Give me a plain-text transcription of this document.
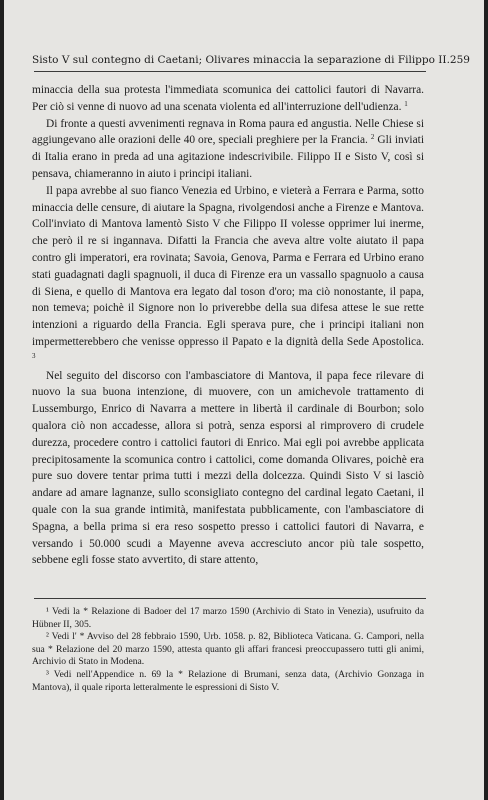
Sisto V sul contegno di Caetani; Olivares minaccia la separazione di Filippo II. 259

minaccia della sua protesta l'immediata scomunica dei cattolici fautori di Navarra. Per ciò si venne di nuovo ad una scenata violenta ed all'interruzione dell'udienza. $^1$

Di fronte a questi avvenimenti regnava in Roma paura ed angustia. Nelle Chiese si aggiungevano alle orazioni delle 40 ore, speciali preghiere per la Francia. $^2$ Gli inviati di Italia erano in preda ad una agitazione indescrivibile. Filippo II e Sisto V, così si pensava, chiameranno in aiuto i principi italiani.

Il papa avrebbe al suo fianco Venezia ed Urbino, e vieterà a Ferrara e Parma, sotto minaccia delle censure, di aiutare la Spagna, rivolgendosi anche a Firenze e Mantova. Coll'inviato di Mantova lamentò Sisto V che Filippo II volesse opprimer lui inerme, che però il re si ingannava. Difatti la Francia che aveva altre volte aiutato il papa contro gli imperatori, era rovinata; Savoia, Genova, Parma e Ferrara ed Urbino erano stati guadagnati dagli spagnuoli, il duca di Firenze era un vassallo spagnuolo a causa di Siena, e quello di Mantova era legato dal toson d'oro; ma ciò nonostante, il papa, non temeva; poichè il Signore non lo priverebbe della sua difesa attese le sue rette intenzioni a riguardo della Francia. Egli sperava pure, che i principi italiani non impermetterebbero che venisse oppresso il Papato e la dignità della Sede Apostolica. $^3$

Nel seguito del discorso con l'ambasciatore di Mantova, il papa fece rilevare di nuovo la sua buona intenzione, di muovere, con un amichevole trattamento di Lussemburgo, Enrico di Navarra a mettere in libertà il cardinale di Bourbon; solo qualora ciò non accadesse, allora si potrà, senza esporsi al rimprovero di crudele durezza, procedere contro i cattolici fautori di Enrico. Mai egli poi avrebbe applicata precipitosamente la scomunica contro i cattolici, come domanda Olivares, poichè era pure suo dovere tentar prima tutti i mezzi della dolcezza. Quindi Sisto V si lasciò andare ad amare lagnanze, sullo sconsigliato contegno del cardinal legato Caetani, il quale con la sua grande intimità, manifestata pubblicamente, con l'ambasciatore di Spagna, a bella prima si era reso sospetto presso i cattolici fautori di Navarra, e versando i 50.000 scudi a Mayenne aveva accresciuto ancor più tale sospetto, sebbene egli fosse stato avvertito, di stare attento,

¹ Vedi la * Relazione di Badoer del 17 marzo 1590 (Archivio di Stato in Venezia), usufruito da Hübner II, 305.

² Vedi l' * Avviso del 28 febbraio 1590, Urb. 1058. p. 82, Biblioteca Vaticana. G. Campori, nella sua * Relazione del 20 marzo 1590, attesta quanto gli affari francesi preoccupassero tutti gli animi, Archivio di Stato in Modena.

³ Vedi nell'Appendice n. 69 la * Relazione di Brumani, senza data, (Archivio Gonzaga in Mantova), il quale riporta letteralmente le espressioni di Sisto V.
